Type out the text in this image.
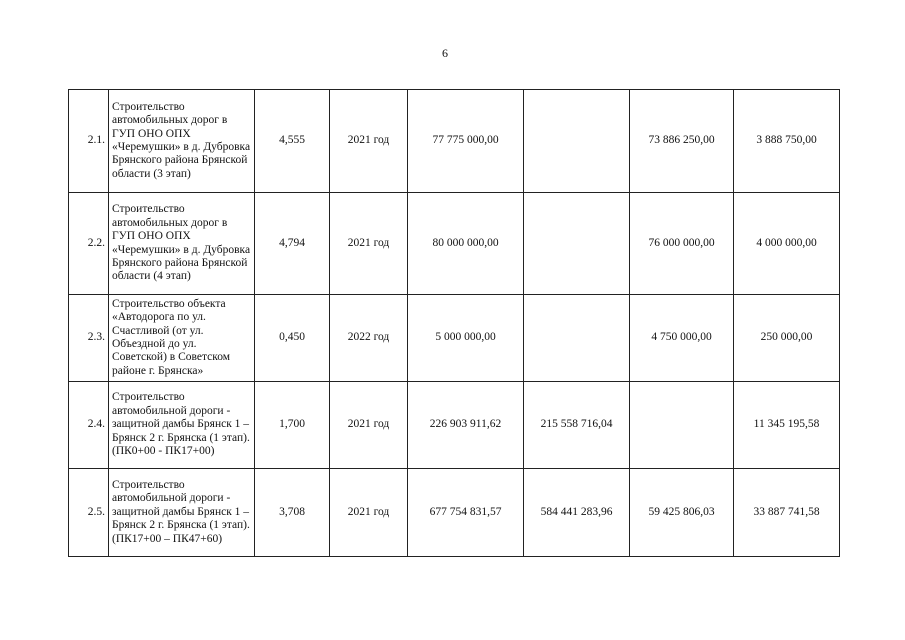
6
2.1.	Строительство автомобильных дорог в ГУП ОНО ОПХ «Черемушки» в д. Дубровка Брянского района Брянской области (3 этап)	4,555	2021 год	77 775 000,00		73 886 250,00	3 888 750,00
2.2.	Строительство автомобильных дорог в ГУП ОНО ОПХ «Черемушки» в д. Дубровка Брянского района Брянской области (4 этап)	4,794	2021 год	80 000 000,00		76 000 000,00	4 000 000,00
2.3.	Строительство объекта «Автодорога по ул. Счастливой (от ул. Объездной до ул. Советской) в Советском районе г. Брянска»	0,450	2022 год	5 000 000,00		4 750 000,00	250 000,00
2.4.	Строительство автомобильной дороги - защитной дамбы Брянск 1 – Брянск 2 г. Брянска (1 этап). (ПК0+00 - ПК17+00)	1,700	2021 год	226 903 911,62	215 558 716,04		11 345 195,58
2.5.	Строительство автомобильной дороги - защитной дамбы Брянск 1 – Брянск 2 г. Брянска (1 этап). (ПК17+00 – ПК47+60)	3,708	2021 год	677 754 831,57	584 441 283,96	59 425 806,03	33 887 741,58
